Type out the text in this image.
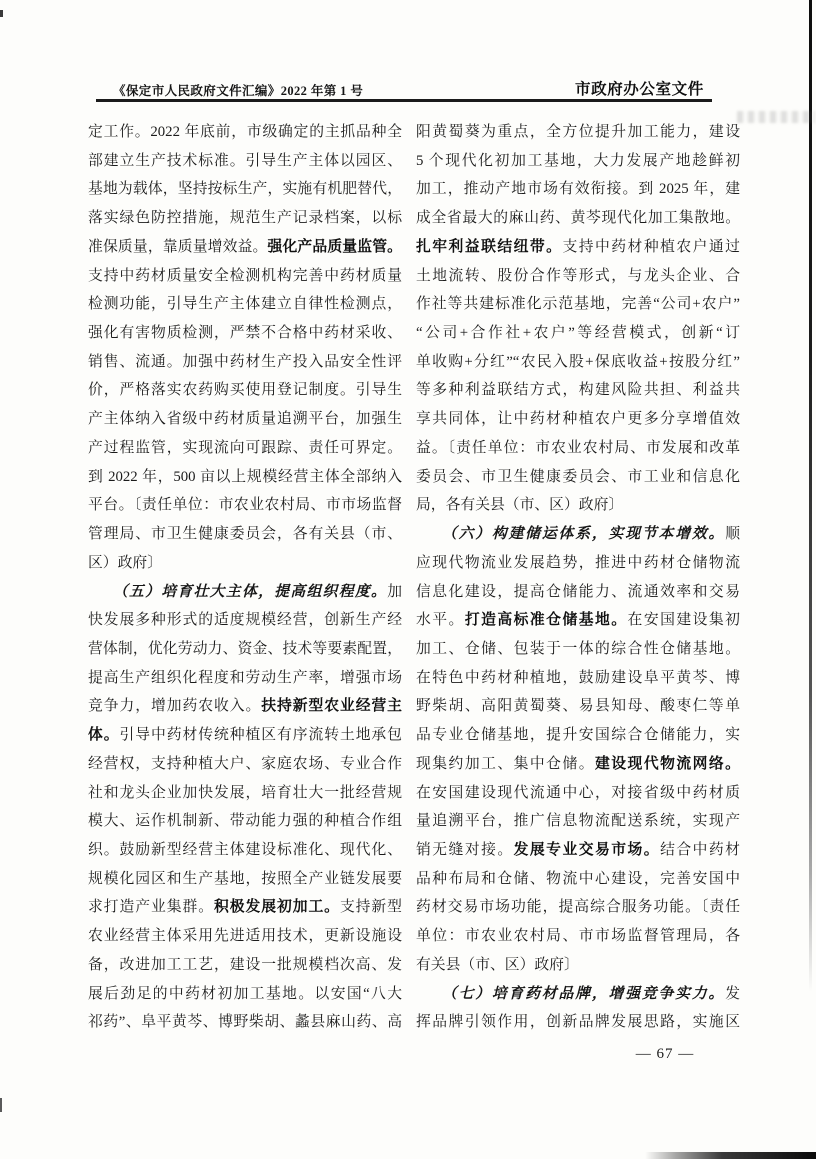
《保定市人民政府文件汇编》2022 年第 1 号	市政府办公室文件
定工作。2022 年底前，市级确定的主抓品种全
部建立生产技术标准。引导生产主体以园区、
基地为载体，坚持按标生产，实施有机肥替代，
落实绿色防控措施，规范生产记录档案，以标
准保质量，靠质量增效益。强化产品质量监管。
支持中药材质量安全检测机构完善中药材质量
检测功能，引导生产主体建立自律性检测点，
强化有害物质检测，严禁不合格中药材采收、
销售、流通。加强中药材生产投入品安全性评
价，严格落实农药购买使用登记制度。引导生
产主体纳入省级中药材质量追溯平台，加强生
产过程监管，实现流向可跟踪、责任可界定。
到 2022 年，500 亩以上规模经营主体全部纳入
平台。〔责任单位：市农业农村局、市市场监督
管理局、市卫生健康委员会，各有关县（市、
区）政府〕
　　（五）培育壮大主体，提高组织程度。加
快发展多种形式的适度规模经营，创新生产经
营体制，优化劳动力、资金、技术等要素配置，
提高生产组织化程度和劳动生产率，增强市场
竞争力，增加药农收入。扶持新型农业经营主
体。引导中药材传统种植区有序流转土地承包
经营权，支持种植大户、家庭农场、专业合作
社和龙头企业加快发展，培育壮大一批经营规
模大、运作机制新、带动能力强的种植合作组
织。鼓励新型经营主体建设标准化、现代化、
规模化园区和生产基地，按照全产业链发展要
求打造产业集群。积极发展初加工。支持新型
农业经营主体采用先进适用技术，更新设施设
备，改进加工工艺，建设一批规模档次高、发
展后劲足的中药材初加工基地。以安国“八大
祁药”、阜平黄芩、博野柴胡、蠡县麻山药、高
阳黄蜀葵为重点，全方位提升加工能力，建设
5 个现代化初加工基地，大力发展产地趁鲜初
加工，推动产地市场有效衔接。到 2025 年，建
成全省最大的麻山药、黄芩现代化加工集散地。
扎牢利益联结纽带。支持中药材种植农户通过
土地流转、股份合作等形式，与龙头企业、合
作社等共建标准化示范基地，完善“公司+农户”
“公司+合作社+农户”等经营模式，创新“订
单收购+分红”“农民入股+保底收益+按股分红”
等多种利益联结方式，构建风险共担、利益共
享共同体，让中药材种植农户更多分享增值效
益。〔责任单位：市农业农村局、市发展和改革
委员会、市卫生健康委员会、市工业和信息化
局，各有关县（市、区）政府〕
　　（六）构建储运体系，实现节本增效。顺
应现代物流业发展趋势，推进中药材仓储物流
信息化建设，提高仓储能力、流通效率和交易
水平。打造高标准仓储基地。在安国建设集初
加工、仓储、包装于一体的综合性仓储基地。
在特色中药材种植地，鼓励建设阜平黄芩、博
野柴胡、高阳黄蜀葵、易县知母、酸枣仁等单
品专业仓储基地，提升安国综合仓储能力，实
现集约加工、集中仓储。建设现代物流网络。
在安国建设现代流通中心，对接省级中药材质
量追溯平台，推广信息物流配送系统，实现产
销无缝对接。发展专业交易市场。结合中药材
品种布局和仓储、物流中心建设，完善安国中
药材交易市场功能，提高综合服务功能。〔责任
单位：市农业农村局、市市场监督管理局，各
有关县（市、区）政府〕
　　（七）培育药材品牌，增强竞争实力。发
挥品牌引领作用，创新品牌发展思路，实施区
— 67 —
